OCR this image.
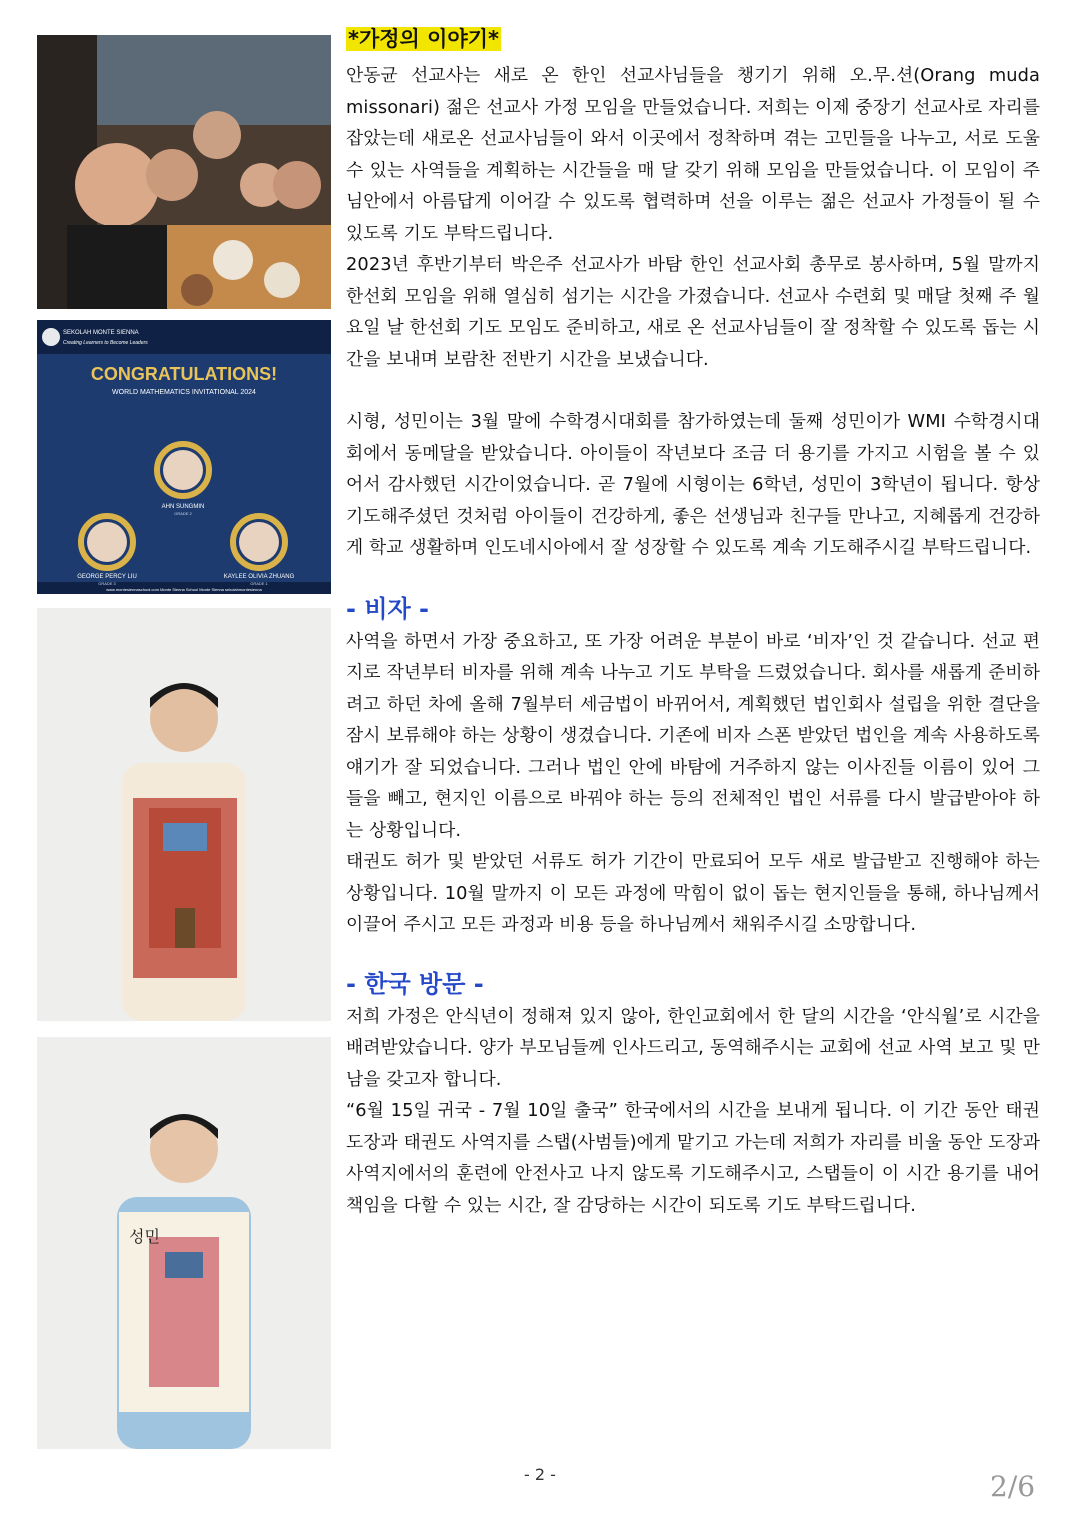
SEKOLAH MONTE SIENNA
Creating Learners to Become Leaders
CONGRATULATIONS!
WORLD MATHEMATICS INVITATIONAL 2024
AHN SUNGMIN
GRADE 2
GEORGE PERCY LIU
GRADE 3
KAYLEE OLIVIA ZHUANG
GRADE 1
www.montesiennaschool.com Monte Sienna School Monte Sienna sekolahmontesienna
성민
*가정의 이야기*

안동균 선교사는 새로 온 한인 선교사님들을 챙기기 위해 오.무.션(Orang muda missonari) 젊은 선교사 가정 모임을 만들었습니다. 저희는 이제 중장기 선교사로 자리를 잡았는데 새로온 선교사님들이 와서 이곳에서 정착하며 겪는 고민들을 나누고, 서로 도울 수 있는 사역들을 계획하는 시간들을 매 달 갖기 위해 모임을 만들었습니다. 이 모임이 주님안에서 아름답게 이어갈 수 있도록 협력하며 선을 이루는 젊은 선교사 가정들이 될 수 있도록 기도 부탁드립니다.

2023년 후반기부터 박은주 선교사가 바탐 한인 선교사회 총무로 봉사하며, 5월 말까지 한선회 모임을 위해 열심히 섬기는 시간을 가졌습니다. 선교사 수련회 및 매달 첫째 주 월요일 날 한선회 기도 모임도 준비하고, 새로 온 선교사님들이 잘 정착할 수 있도록 돕는 시간을 보내며 보람찬 전반기 시간을 보냈습니다.

시형, 성민이는 3월 말에 수학경시대회를 참가하였는데 둘째 성민이가 WMI 수학경시대회에서 동메달을 받았습니다. 아이들이 작년보다 조금 더 용기를 가지고 시험을 볼 수 있어서 감사했던 시간이었습니다. 곧 7월에 시형이는 6학년, 성민이 3학년이 됩니다. 항상 기도해주셨던 것처럼 아이들이 건강하게, 좋은 선생님과 친구들 만나고, 지혜롭게 건강하게 학교 생활하며 인도네시아에서 잘 성장할 수 있도록 계속 기도해주시길 부탁드립니다.

- 비자 -

사역을 하면서 가장 중요하고, 또 가장 어려운 부분이 바로 ‘비자’인 것 같습니다. 선교 편지로 작년부터 비자를 위해 계속 나누고 기도 부탁을 드렸었습니다. 회사를 새롭게 준비하려고 하던 차에 올해 7월부터 세금법이 바뀌어서, 계획했던 법인회사 설립을 위한 결단을 잠시 보류해야 하는 상황이 생겼습니다. 기존에 비자 스폰 받았던 법인을 계속 사용하도록 얘기가 잘 되었습니다. 그러나 법인 안에 바탐에 거주하지 않는 이사진들 이름이 있어 그들을 빼고, 현지인 이름으로 바꿔야 하는 등의 전체적인 법인 서류를 다시 발급받아야 하는 상황입니다.

태권도 허가 및 받았던 서류도 허가 기간이 만료되어 모두 새로 발급받고 진행해야 하는 상황입니다. 10월 말까지 이 모든 과정에 막힘이 없이 돕는 현지인들을 통해, 하나님께서 이끌어 주시고 모든 과정과 비용 등을 하나님께서 채워주시길 소망합니다.

- 한국 방문 -

저희 가정은 안식년이 정해져 있지 않아, 한인교회에서 한 달의 시간을 ‘안식월’로 시간을 배려받았습니다. 양가 부모님들께 인사드리고, 동역해주시는 교회에 선교 사역 보고 및 만남을 갖고자 합니다.

“6월 15일 귀국 - 7월 10일 출국” 한국에서의 시간을 보내게 됩니다. 이 기간 동안 태권도장과 태권도 사역지를 스탭(사범들)에게 맡기고 가는데 저희가 자리를 비울 동안 도장과 사역지에서의 훈련에 안전사고 나지 않도록 기도해주시고, 스탭들이 이 시간 용기를 내어 책임을 다할 수 있는 시간, 잘 감당하는 시간이 되도록 기도 부탁드립니다.

- 2 -	2/6
